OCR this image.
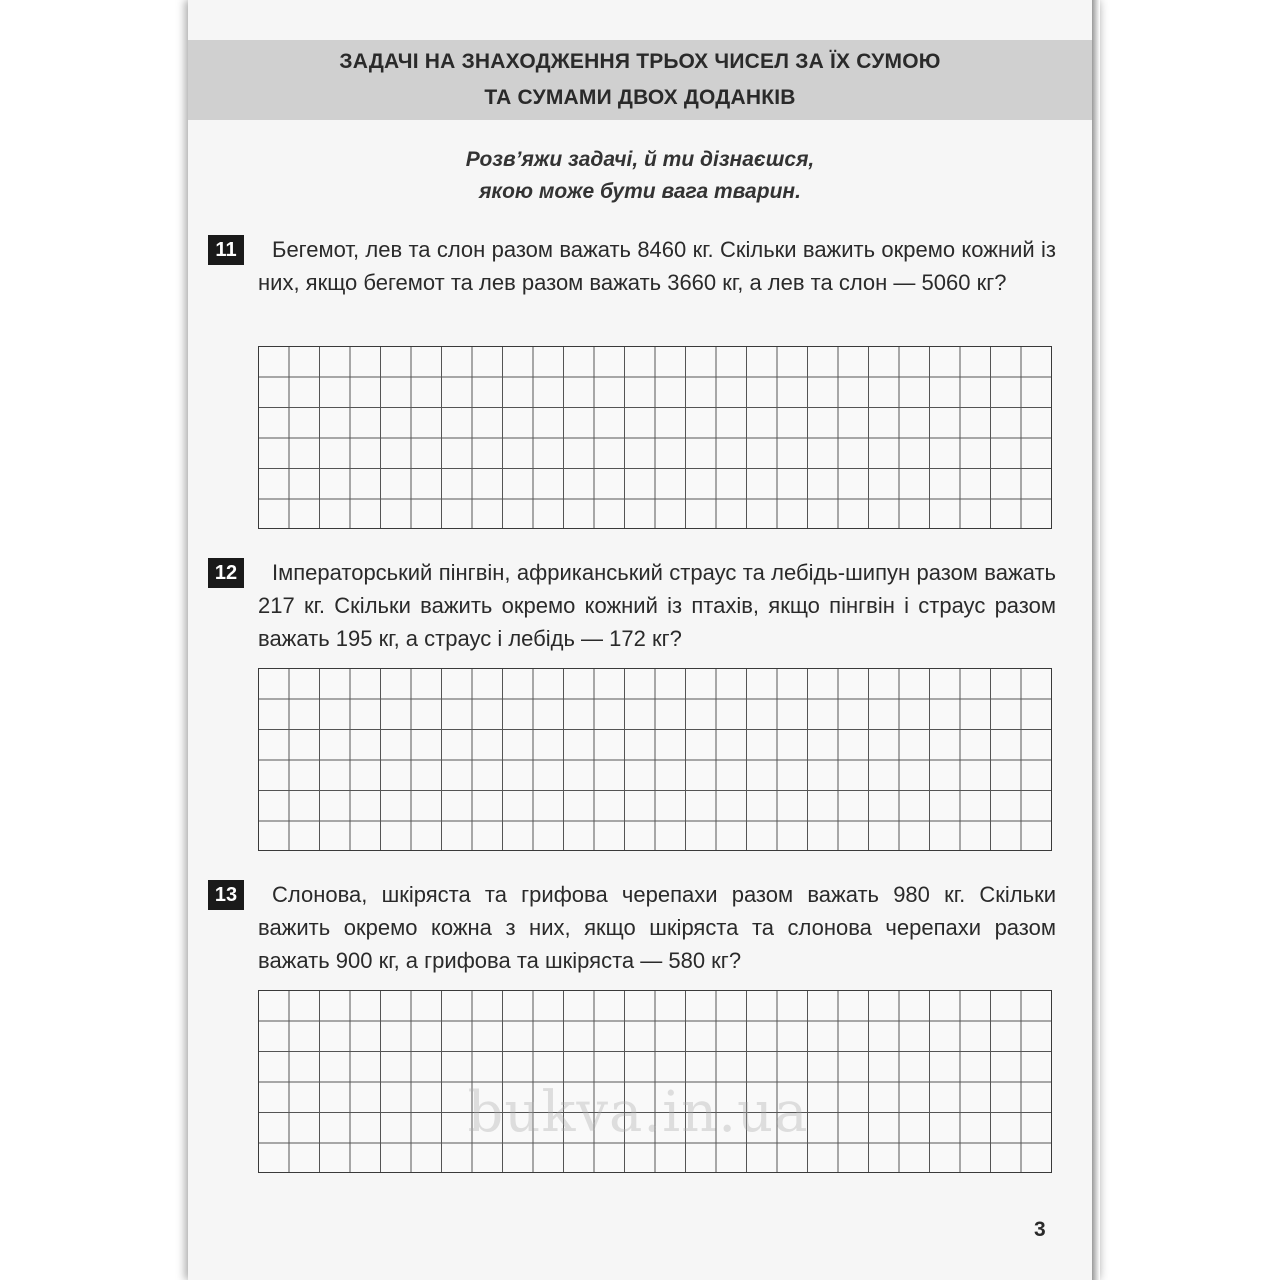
ЗАДАЧІ НА ЗНАХОДЖЕННЯ ТРЬОХ ЧИСЕЛ ЗА ЇХ СУМОЮ
ТА СУМАМИ ДВОХ ДОДАНКІВ
Розв’яжи задачі, й ти дізнаєшся,
якою може бути вага тварин.
11	Бегемот, лев та слон разом важать 8460 кг. Скільки важить окремо кожний із них, якщо бегемот та лев разом важать 3660 кг, а лев та слон — 5060 кг?

12	Імператорський пінгвін, африканський страус та лебідь-шипун разом важать 217 кг. Скільки важить окремо кожний із птахів, якщо пінгвін і страус разом важать 195 кг, а страус і лебідь — 172 кг?

13	Слонова, шкіряста та грифова черепахи разом важать 980 кг. Скільки важить окремо кожна з них, якщо шкіряста та слонова черепахи разом важать 900 кг, а грифова та шкіряста — 580 кг?

bukva.in.ua
3
